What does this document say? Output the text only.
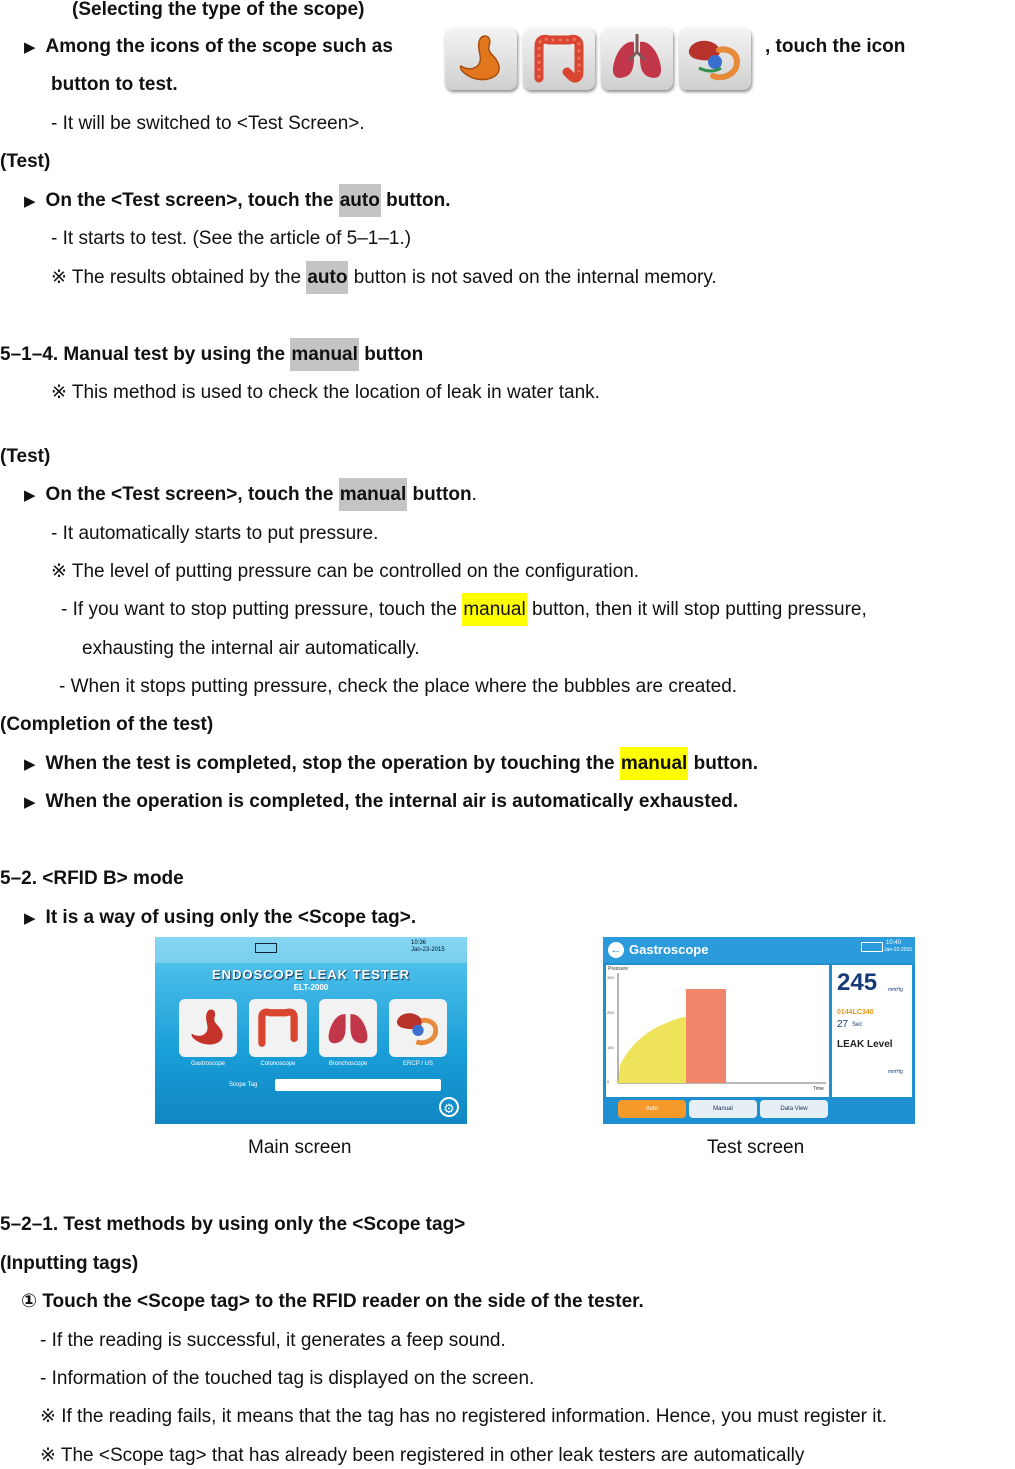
(Selecting the type of the scope)
▶ Among the icons of the scope such as	, touch the icon
button to test.
- It will be switched to <Test Screen>.
(Test)
▶ On the <Test screen>, touch the auto button.
- It starts to test. (See the article of 5–1–1.)
※ The results obtained by the auto button is not saved on the internal memory.
5–1–4. Manual test by using the manual button
※ This method is used to check the location of leak in water tank.
(Test)
▶ On the <Test screen>, touch the manual button.
- It automatically starts to put pressure.
※ The level of putting pressure can be controlled on the configuration.
- If you want to stop putting pressure, touch the manual button, then it will stop putting pressure,
exhausting the internal air automatically.
- When it stops putting pressure, check the place where the bubbles are created.
(Completion of the test)
▶ When the test is completed, stop the operation by touching the manual button.
▶ When the operation is completed, the internal air is automatically exhausted.
5–2. <RFID B> mode
▶ It is a way of using only the <Scope tag>.
10:36
Jan-23-2015
ENDOSCOPE LEAK TESTER
ELT-2000
Gastroscope	Colonoscope	Bronchoscope	ERCP / US
Scope Tag
⚙
← Gastroscope	10:40
Jan-23-2015
Pressure
300
200
100
0
Time
245 mmHg
0144LC340
27 Sec
LEAK Level
mmHg
Auto	Manual	Data View
Main screen	Test screen
5–2–1. Test methods by using only the <Scope tag>
(Inputting tags)
① Touch the <Scope tag> to the RFID reader on the side of the tester.
- If the reading is successful, it generates a feep sound.
- Information of the touched tag is displayed on the screen.
※ If the reading fails, it means that the tag has no registered information. Hence, you must register it.
※ The <Scope tag> that has already been registered in other leak testers are automatically
